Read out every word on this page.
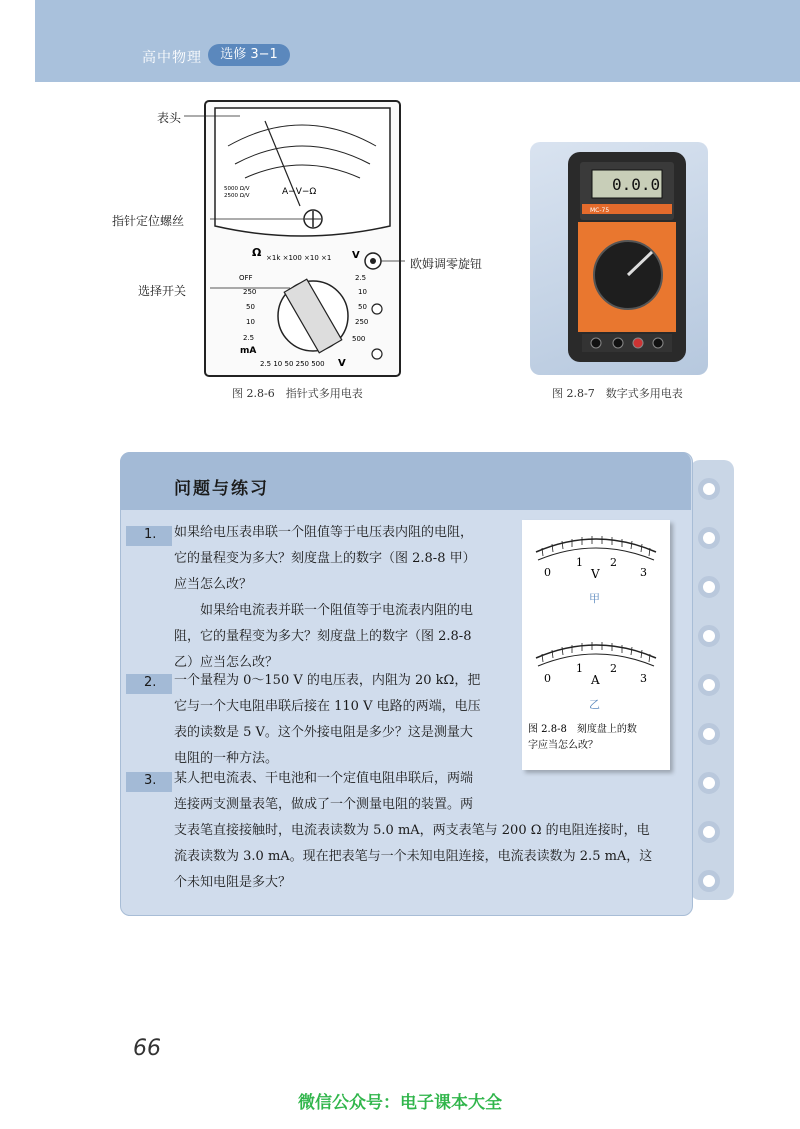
高中物理	选修 3−1
A−V−Ω
5000 Ω/V
2500 Ω/V
Ω ×1k ×100 ×10 ×1 V
OFF
250
50
10
2.5
mA
2.5
10
50
250
500
2.5 10 50 250 500 V
表头
指针定位螺丝
选择开关
欧姆调零旋钮
图 2.8-6　指针式多用电表
0.0.0
MC-75
图 2.8-7　数字式多用电表
问题与练习
1. 如果给电压表串联一个阻值等于电压表内阻的电阻，
它的量程变为多大？刻度盘上的数字（图 2.8-8 甲）
应当怎么改？
如果给电流表并联一个阻值等于电流表内阻的电
阻，它的量程变为多大？刻度盘上的数字（图 2.8-8
乙）应当怎么改？
2. 一个量程为 0～150 V 的电压表，内阻为 20 kΩ，把
它与一个大电阻串联后接在 110 V 电路的两端，电压
表的读数是 5 V。这个外接电阻是多少？这是测量大
电阻的一种方法。
3. 某人把电流表、干电池和一个定值电阻串联后，两端
连接两支测量表笔，做成了一个测量电阻的装置。两
支表笔直接接触时，电流表读数为 5.0 mA，两支表笔与 200 Ω 的电阻连接时，电
流表读数为 3.0 mA。现在把表笔与一个未知电阻连接，电流表读数为 2.5 mA，这
个未知电阻是多大？
0
1 2
3
V
甲
0
1 2
3
A
乙
图 2.8-8　刻度盘上的数
字应当怎么改？
66
微信公众号：电子课本大全
